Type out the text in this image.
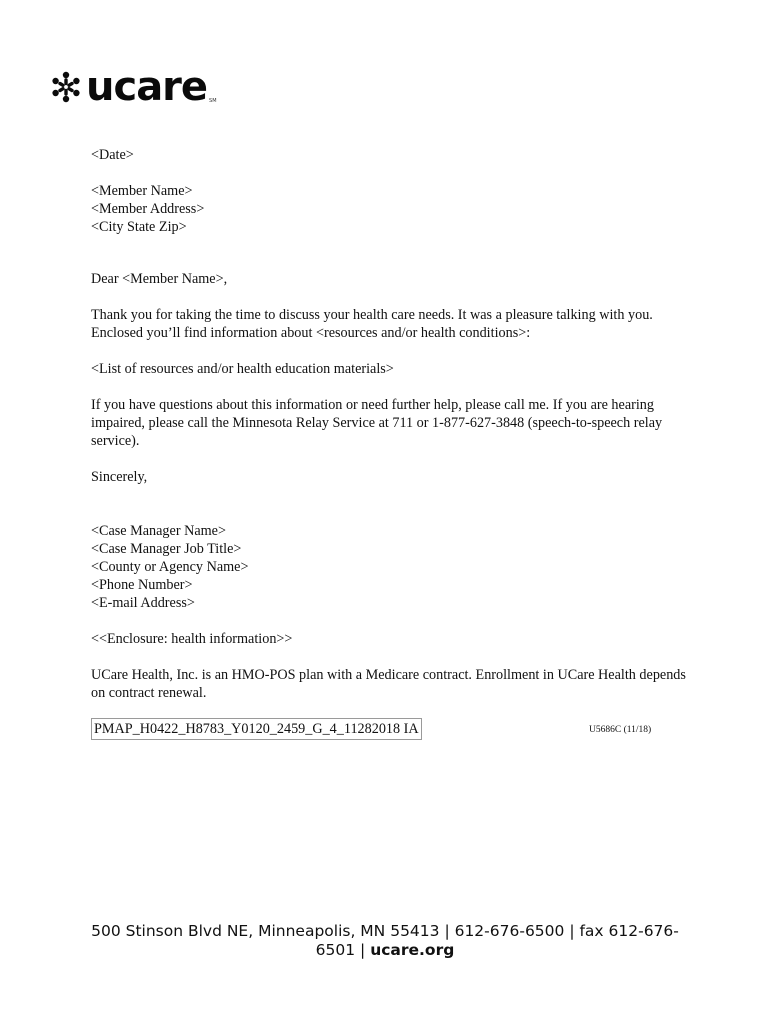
ucare SM

<Date>

<Member Name>

<Member Address>

<City State Zip>

Dear <Member Name>,

Thank you for taking the time to discuss your health care needs. It was a pleasure talking with you. Enclosed you’ll find information about <resources and/or health conditions>:

<List of resources and/or health education materials>

If you have questions about this information or need further help, please call me. If you are hearing impaired, please call the Minnesota Relay Service at 711 or 1-877-627-3848 (speech-to-speech relay service).

Sincerely,

<Case Manager Name>

<Case Manager Job Title>

<County or Agency Name>

<Phone Number>

<E-mail Address>

<<Enclosure: health information>>

UCare Health, Inc. is an HMO-POS plan with a Medicare contract. Enrollment in UCare Health depends on contract renewal.

PMAP_H0422_H8783_Y0120_2459_G_4_11282018 IA	U5686C (11/18)
500 Stinson Blvd NE, Minneapolis, MN 55413 | 612-676-6500 | fax 612-676-6501 | ucare.org
